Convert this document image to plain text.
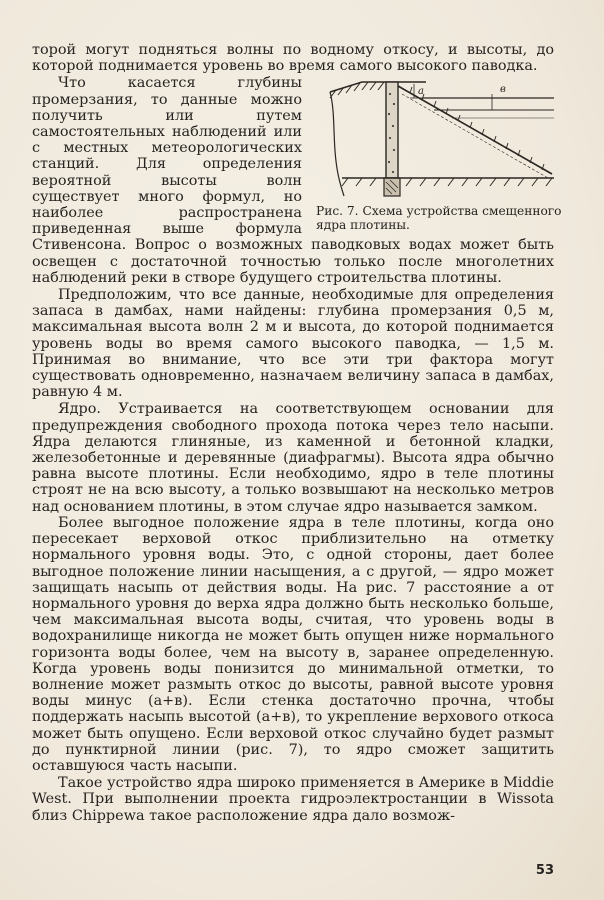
торой могут подняться волны по водному откосу, и высоты, до которой поднимается уровень во время самого высокого паводка.

а	в
Рис. 7. Схема устройства смещенного ядра плотины.

Что касается глубины промерзания, то данные можно получить или путем самостоятельных наблюдений или с местных метеорологических станций. Для определения вероятной высоты волн существует много формул, но наиболее распространена приведенная выше формула Стивенсона. Вопрос о возможных паводковых водах может быть освещен с достаточной точностью только после многолетних наблюдений реки в створе будущего строительства плотины.

Предположим, что все данные, необходимые для определения запаса в дамбах, нами найдены: глубина промерзания 0,5 м, максимальная высота волн 2 м и высота, до которой поднимается уровень воды во время самого высокого паводка, — 1,5 м. Принимая во внимание, что все эти три фактора могут существовать одновременно, назначаем величину запаса в дамбах, равную 4 м.

Ядро. Устраивается на соответствующем основании для предупреждения свободного прохода потока через тело насыпи. Ядра делаются глиняные, из каменной и бетонной кладки, железобетонные и деревянные (диафрагмы). Высота ядра обычно равна высоте плотины. Если необходимо, ядро в теле плотины строят не на всю высоту, а только возвышают на несколько метров над основанием плотины, в этом случае ядро называется замком.

Более выгодное положение ядра в теле плотины, когда оно пересекает верховой откос приблизительно на отметку нормального уровня воды. Это, с одной стороны, дает более выгодное положение линии насыщения, а с другой, — ядро может защищать насыпь от действия воды. На рис. 7 расстояние а от нормального уровня до верха ядра должно быть несколько больше, чем максимальная высота воды, считая, что уровень воды в водохранилище никогда не может быть опущен ниже нормального горизонта воды более, чем на высоту в, заранее определенную. Когда уровень воды понизится до минимальной отметки, то волнение может размыть откос до высоты, равной высоте уровня воды минус (а+в). Если стенка достаточно прочна, чтобы поддержать насыпь высотой (а+в), то укрепление верхового откоса может быть опущено. Если верховой откос случайно будет размыт до пунктирной линии (рис. 7), то ядро сможет защитить оставшуюся часть насыпи.

Такое устройство ядра широко применяется в Америке в Middie West. При выполнении проекта гидроэлектростанции в Wissota близ Chippewa такое расположение ядра дало возмож-

53
